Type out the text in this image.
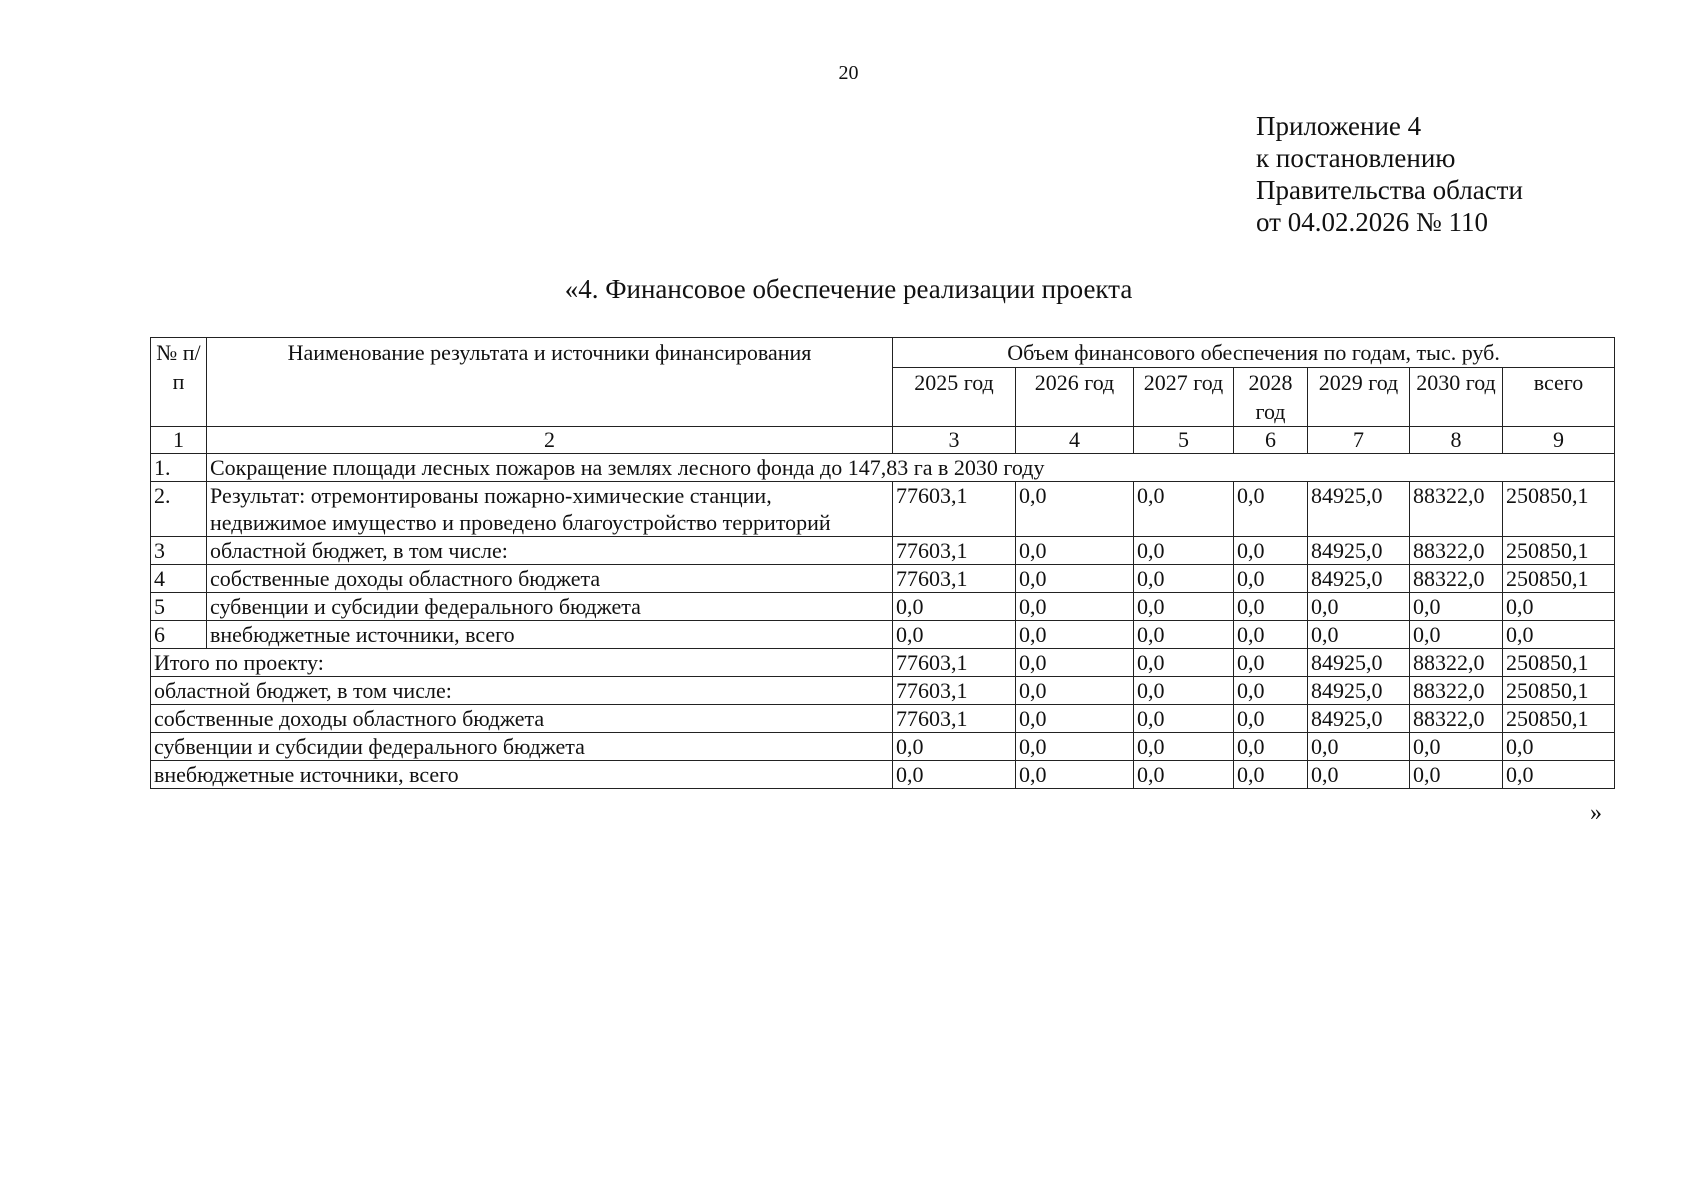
20
Приложение 4
к постановлению
Правительства области
от 04.02.2026 № 110
«4. Финансовое обеспечение реализации проекта
№ п/п	Наименование результата и источники финансирования	Объем финансового обеспечения по годам, тыс. руб.						
		2025 год	2026 год	2027 год	2028 год	2029 год	2030 год	всего
1	2	3	4	5	6	7	8	9
1.	Сокращение площади лесных пожаров на землях лесного фонда до 147,83 га в 2030 году							
2.	Результат: отремонтированы пожарно-химические станции, недвижимое имущество и проведено благоустройство территорий	77603,1	0,0	0,0	0,0	84925,0	88322,0	250850,1
3	областной бюджет, в том числе:	77603,1	0,0	0,0	0,0	84925,0	88322,0	250850,1
4	собственные доходы областного бюджета	77603,1	0,0	0,0	0,0	84925,0	88322,0	250850,1
5	субвенции и субсидии федерального бюджета	0,0	0,0	0,0	0,0	0,0	0,0	0,0
6	внебюджетные источники, всего	0,0	0,0	0,0	0,0	0,0	0,0	0,0
Итого по проекту:		77603,1	0,0	0,0	0,0	84925,0	88322,0	250850,1
областной бюджет, в том числе:		77603,1	0,0	0,0	0,0	84925,0	88322,0	250850,1
собственные доходы областного бюджета		77603,1	0,0	0,0	0,0	84925,0	88322,0	250850,1
субвенции и субсидии федерального бюджета		0,0	0,0	0,0	0,0	0,0	0,0	0,0
внебюджетные источники, всего		0,0	0,0	0,0	0,0	0,0	0,0	0,0
»
